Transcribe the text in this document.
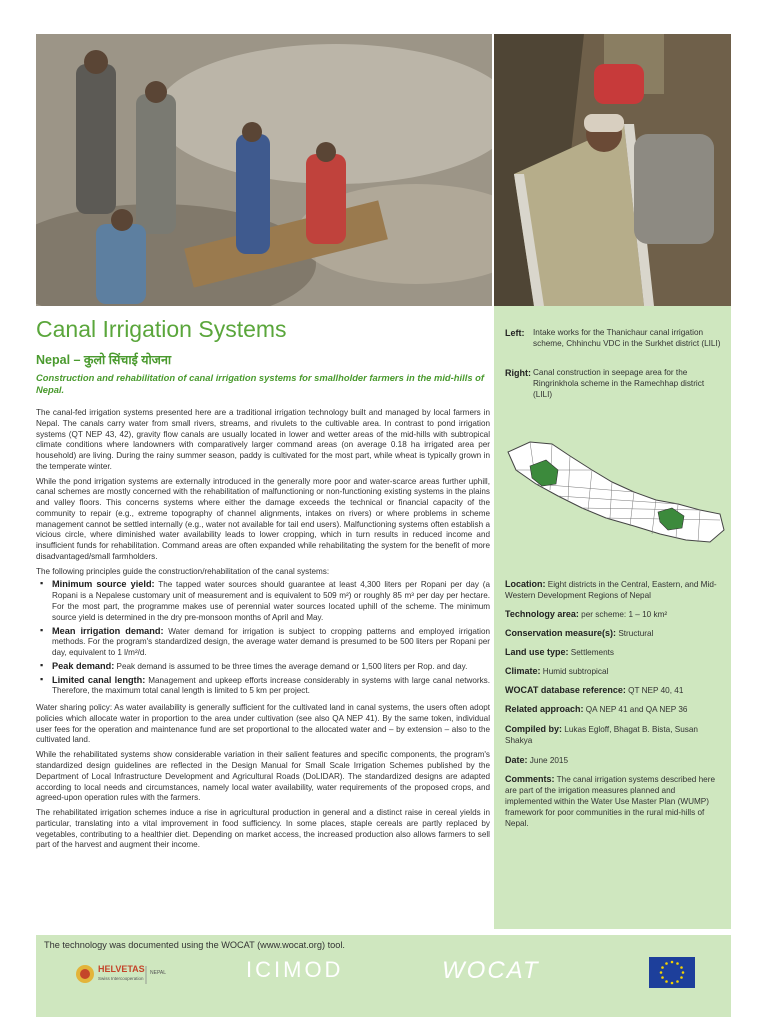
Canal Irrigation Systems
Nepal – कुलो सिंचाई योजना

Construction and rehabilitation of canal irrigation systems for smallholder farmers in the mid-hills of Nepal.

The canal-fed irrigation systems presented here are a traditional irrigation technology built and managed by local farmers in Nepal. The canals carry water from small rivers, streams, and rivulets to the cultivable area. In contrast to pond irrigation systems (QT NEP 43, 42), gravity flow canals are usually located in lower and wetter areas of the mid-hills with subtropical climate conditions where landowners with comparatively larger command areas (on average 0.18 ha irrigated area per household) are living. During the rainy summer season, paddy is cultivated for the most part, while wheat is typically grown in the temperate winter.

While the pond irrigation systems are externally introduced in the generally more poor and water-scarce areas further uphill, canal schemes are mostly concerned with the rehabilitation of malfunctioning or non-functioning existing systems in the plains and valley floors. This concerns systems where either the damage exceeds the technical or financial capacity of the community to repair (e.g., extreme topography of channel alignments, intakes on rivers) or where problems in scheme management cannot be settled internally (e.g., water not available for tail end users). Malfunctioning systems often establish a vicious circle, where diminished water availability leads to lower cropping, which in turn results in reduced income and insufficient funds for rehabilitation. Command areas are often expanded while rehabilitating the system for the benefit of more disadvantaged/small farmholders.

The following principles guide the construction/rehabilitation of the canal systems:

▪ Minimum source yield: The tapped water sources should guarantee at least 4,300 liters per Ropani per day (a Ropani is a Nepalese customary unit of measurement and is equivalent to 509 m²) or roughly 85 m³ per day per hectare. For the most part, the programme makes use of perennial water sources located uphill of the scheme. The minimum source yield is determined in the dry pre-monsoon months of April and May.
▪ Mean irrigation demand: Water demand for irrigation is subject to cropping patterns and employed irrigation methods. For the program's standardized design, the average water demand is presumed to be 500 liters per Ropani per day, equivalent to 1 l/m²/d.
▪ Peak demand: Peak demand is assumed to be three times the average demand or 1,500 liters per Rop. and day.
▪ Limited canal length: Management and upkeep efforts increase considerably in systems with large canal networks. Therefore, the maximum total canal length is limited to 5 km per project.

Water sharing policy: As water availability is generally sufficient for the cultivated land in canal systems, the users often adopt policies which allocate water in proportion to the area under cultivation (see also QA NEP 41). By the same token, individual user fees for the operation and maintenance fund are set proportional to the allocated water and – by extension – also to the cultivated land.

While the rehabilitated systems show considerable variation in their salient features and specific components, the program's standardized design guidelines are reflected in the Design Manual for Small Scale Irrigation Schemes published by the Department of Local Infrastructure Development and Agricultural Roads (DoLIDAR). The standardized designs are adapted according to local needs and circumstances, namely local water availability, water requirements of the proposed crops, and agreed-upon operation rules with the farmers.

The rehabilitated irrigation schemes induce a rise in agricultural production in general and a distinct raise in cereal yields in particular, translating into a vital improvement in food sufficiency. In some places, staple cereals are partly replaced by vegetables, contributing to a healthier diet. Depending on market access, the increased production also allows farmers to sell part of the harvest and augment their income.

Left: Intake works for the Thanichaur canal irrigation scheme, Chhinchu VDC in the Surkhet district (LILI)
Right: Canal construction in seepage area for the Ringrinkhola scheme in the Ramechhap district (LILI)
Location: Eight districts in the Central, Eastern, and Mid-Western Development Regions of Nepal
Technology area: per scheme: 1 – 10 km²
Conservation measure(s): Structural
Land use type: Settlements
Climate: Humid subtropical
WOCAT database reference: QT NEP 40, 41
Related approach: QA NEP 41 and QA NEP 36
Compiled by: Lukas Egloff, Bhagat B. Bista, Susan Shakya
Date: June 2015
Comments: The canal irrigation systems described here are part of the irrigation measures planned and implemented within the Water Use Master Plan (WUMP) framework for poor communities in the rural mid-hills of Nepal.
The technology was documented using the WOCAT (www.wocat.org) tool.
HELVETAS
Swiss Intercooperation
NEPAL	ICIMOD	WOCAT
